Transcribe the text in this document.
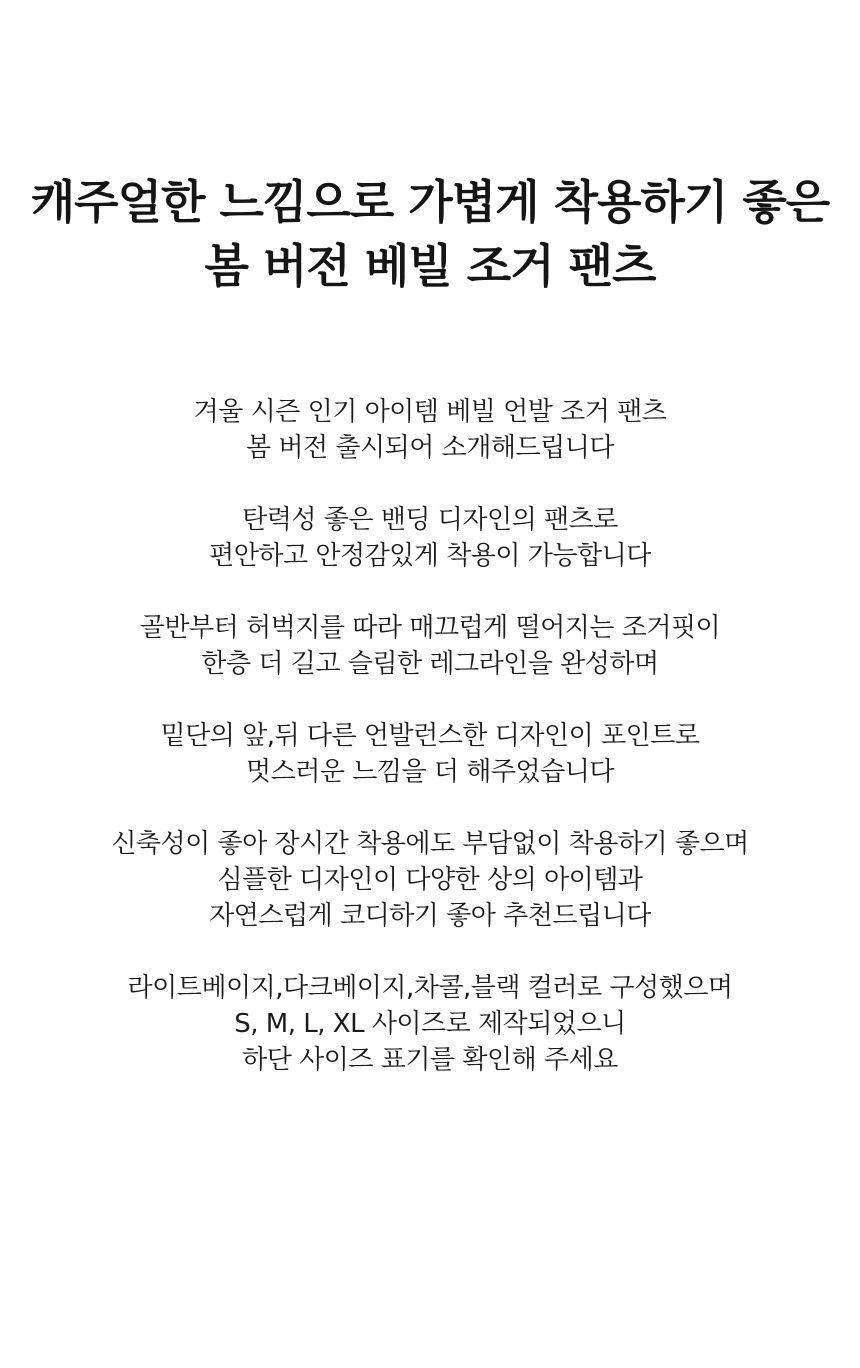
캐주얼한 느낌으로 가볍게 착용하기 좋은
봄 버전 베빌 조거 팬츠
겨울 시즌 인기 아이템 베빌 언발 조거 팬츠
봄 버전 출시되어 소개해드립니다
탄력성 좋은 밴딩 디자인의 팬츠로
편안하고 안정감있게 착용이 가능합니다
골반부터 허벅지를 따라 매끄럽게 떨어지는 조거핏이
한층 더 길고 슬림한 레그라인을 완성하며
밑단의 앞,뒤 다른 언발런스한 디자인이 포인트로
멋스러운 느낌을 더 해주었습니다
신축성이 좋아 장시간 착용에도 부담없이 착용하기 좋으며
심플한 디자인이 다양한 상의 아이템과
자연스럽게 코디하기 좋아 추천드립니다
라이트베이지,다크베이지,차콜,블랙 컬러로 구성했으며
S, M, L, XL 사이즈로 제작되었으니
하단 사이즈 표기를 확인해 주세요
